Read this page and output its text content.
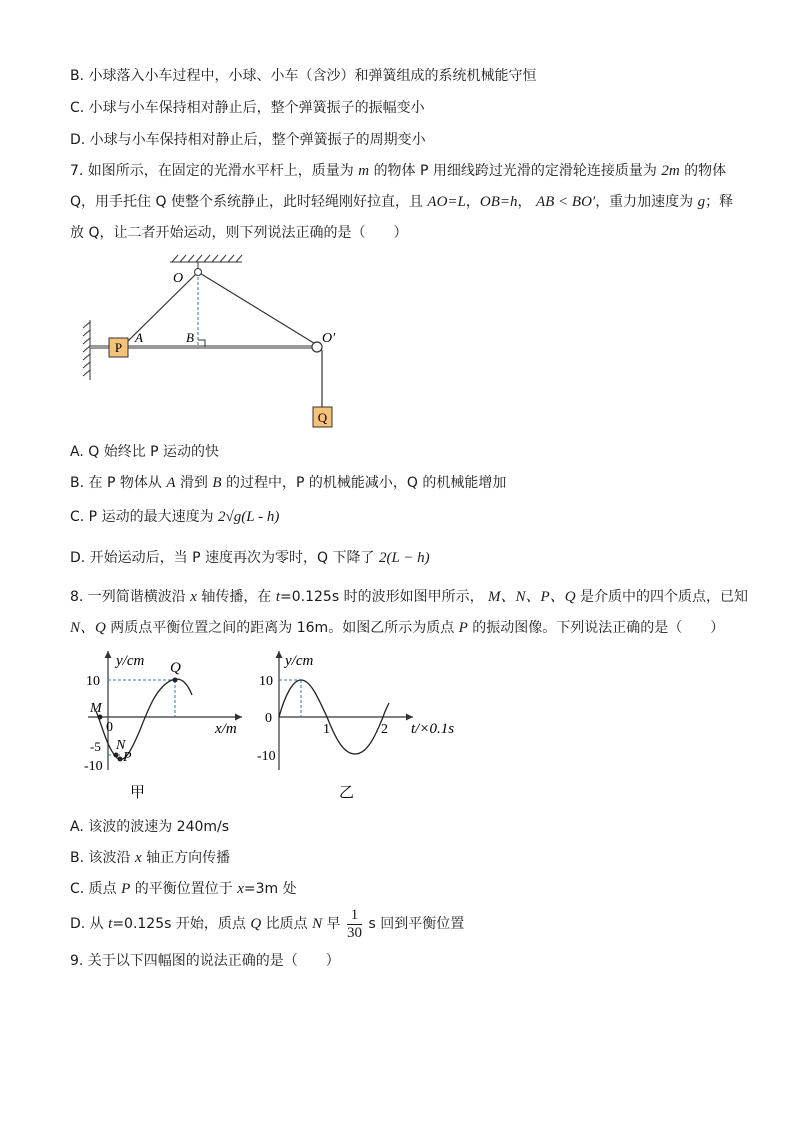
B. 小球落入小车过程中，小球、小车（含沙）和弹簧组成的系统机械能守恒
C. 小球与小车保持相对静止后，整个弹簧振子的振幅变小
D. 小球与小车保持相对静止后，整个弹簧振子的周期变小
7. 如图所示，在固定的光滑水平杆上，质量为 m 的物体 P 用细线跨过光滑的定滑轮连接质量为 2m 的物体
Q，用手托住 Q 使整个系统静止，此时轻绳刚好拉直，且 AO=L，OB=h， AB < BO′，重力加速度为 g；释
放 Q，让二者开始运动，则下列说法正确的是（　　）
P
Q
O
A	B	O′
A. Q 始终比 P 运动的快
B. 在 P 物体从 A 滑到 B 的过程中，P 的机械能减小，Q 的机械能增加
C. P 运动的最大速度为 2√g(L - h)
D. 开始运动后，当 P 速度再次为零时，Q 下降了 2(L − h)
8. 一列简谐横波沿 x 轴传播，在 t=0.125s 时的波形如图甲所示， M、N、P、Q 是介质中的四个质点，已知
N、Q 两质点平衡位置之间的距离为 16m。如图乙所示为质点 P 的振动图像。下列说法正确的是（　　）
y/cm
x/m
10
-5
-10
M
0
N
P
Q
甲
y/cm
10
0
-10
1	2 t/×0.1s
乙
A. 该波的波速为 240m/s
B. 该波沿 x 轴正方向传播
C. 质点 P 的平衡位置位于 x=3m 处
D. 从 t=0.125s 开始，质点 Q 比质点 N 早 $\frac{1}{30}$ s 回到平衡位置
9. 关于以下四幅图的说法正确的是（　　）
